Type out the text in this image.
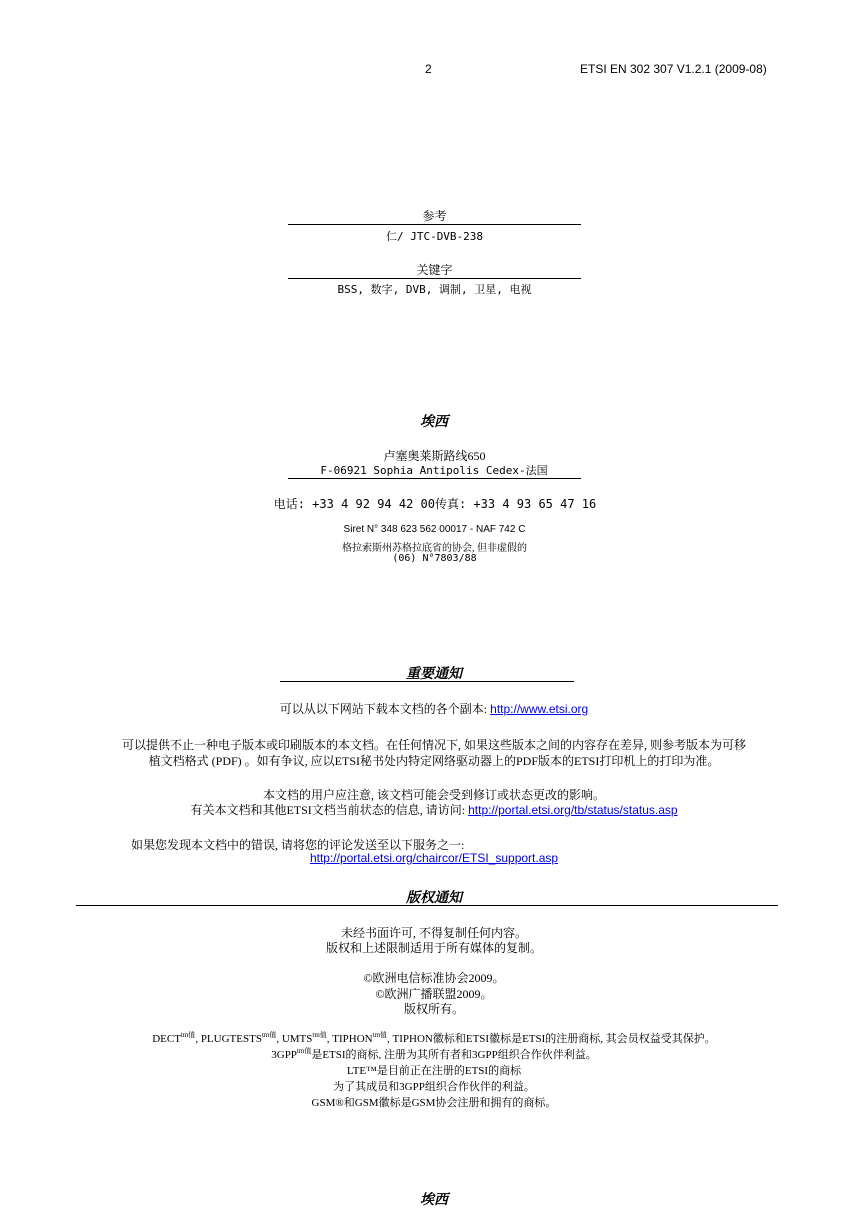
2	ETSI EN 302 307 V1.2.1 (2009-08)
参考
仁/ JTC-DVB-238
关键字
BSS, 数字, DVB, 调制, 卫星, 电视
埃西
卢塞奥莱斯路线650
F-06921 Sophia Antipolis Cedex-法国
电话: +33 4 92 94 42 00传真: +33 4 93 65 47 16
Siret N° 348 623 562 00017 - NAF 742 C
格拉索斯州苏格拉底省的协会, 但非虚假的
(06) N°7803/88
重要通知
可以从以下网站下载本文档的各个副本: http://www.etsi.org
可以提供不止一种电子版本或印刷版本的本文档。在任何情况下, 如果这些版本之间的内容存在差异, 则参考版本为可移
植文档格式 (PDF) 。如有争议, 应以ETSI秘书处内特定网络驱动器上的PDF版本的ETSI打印机上的打印为准。
本文档的用户应注意, 该文档可能会受到修订或状态更改的影响。
有关本文档和其他ETSI文档当前状态的信息, 请访问: http://portal.etsi.org/tb/status/status.asp
如果您发现本文档中的错误, 请将您的评论发送至以下服务之一:
http://portal.etsi.org/chaircor/ETSI_support.asp
版权通知
未经书面许可, 不得复制任何内容。
版权和上述限制适用于所有媒体的复制。
©欧洲电信标准协会2009。
©欧洲广播联盟2009。
版权所有。
$DECT^{tm值}$, $PLUGTESTS^{tm值}$, $UMTS^{tm值}$, $TIPHON^{tm值}$, TIPHON徽标和ETSI徽标是ETSI的注册商标, 其会员权益受其保护。
$3GPP^{tm值}$是ETSI的商标, 注册为其所有者和3GPP组织合作伙伴利益。
LTE™是目前正在注册的ETSI的商标
为了其成员和3GPP组织合作伙伴的利益。
GSM®和GSM徽标是GSM协会注册和拥有的商标。
埃西
